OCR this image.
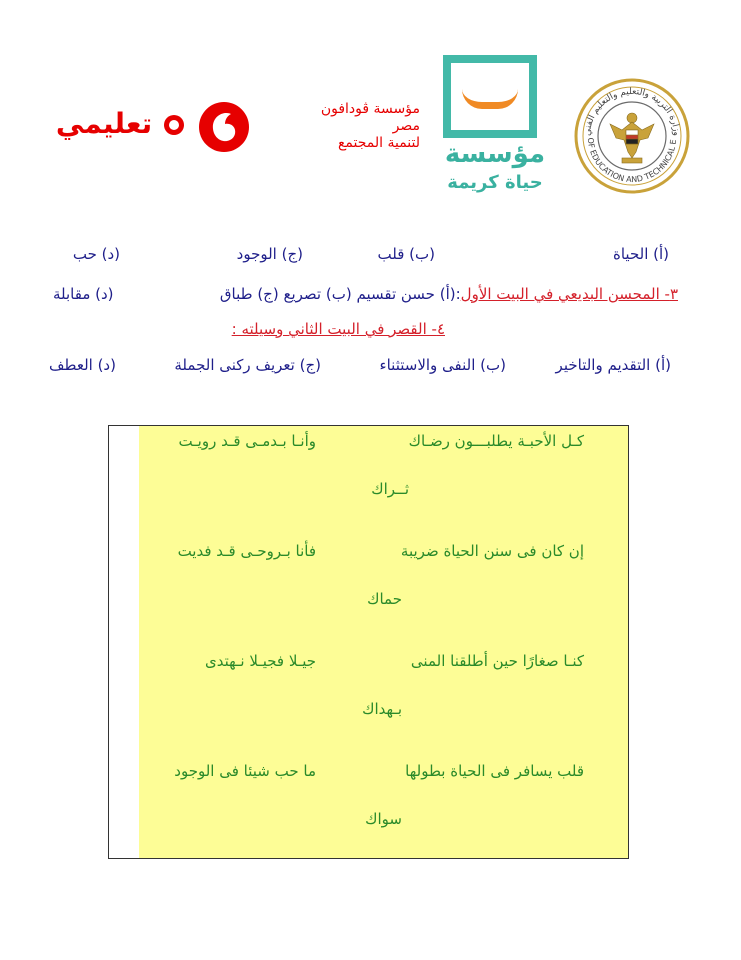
OF EDUCATION AND TECHNICAL E
وزارة التربية والتعليم والتعليم الفني
مؤسسة
حياة كريمة
مؤسسة ڤودافون
مصر
لتنمية المجتمع
تعليمي
(أ) الحياة
(ب) قلب
(ج) الوجود
(د) حب
٣- المحسن البديعي في البيت الأول:(أ) حسن تقسيم (ب) تصريع (ج) طباق
(د) مقابلة
٤- القصر في البيت الثاني وسيلته :
(أ) التقديم والتاخير
(ب) النفى والاستثناء
(ج) تعريف ركنى الجملة
(د) العطف
كـل الأحبـة يطلبـــون رضـاك
وأنـا بـدمـى قـد رويـت
ثــراك
إن كان فى سنن الحياة ضريبة
فأنا بـروحـى قـد فديت
حماك
كنـا صغارًا حين أطلقنا المنى
جيـلا فجيـلا نـهتدى
بـهداك
قلب يسافر فى الحياة بطولها
ما حب شيئا فى الوجود
سواك
